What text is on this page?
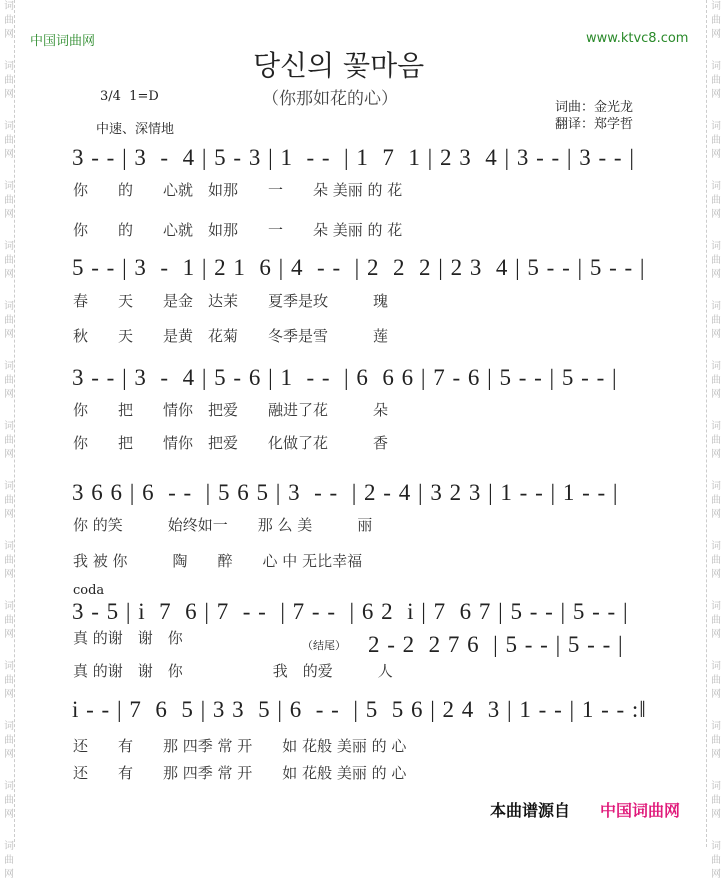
中国词曲网	www.ktvc8.com
당신의 꽃마음
（你那如花的心）
3/4  1=D
中速、深情地
词曲：金光龙
翻译：郑学哲
3 - - | 3  -  4 | 5 - 3 | 1  - -  | 1  7  1 | 2 3  4 | 3 - - | 3 - - |
你　　的　　心就　如那　　一　　朵 美丽 的 花
你　　的　　心就　如那　　一　　朵 美丽 的 花
5 - - | 3  -  1 | 2 1  6 | 4  - -  | 2  2  2 | 2 3  4 | 5 - - | 5 - - |
春　　天　　是金　达茉　　夏季是玫　　　瑰
秋　　天　　是黄　花菊　　冬季是雪　　　莲
3 - - | 3  -  4 | 5 - 6 | 1  - -  | 6  6 6 | 7 - 6 | 5 - - | 5 - - |
你　　把　　情你　把爱　　融进了花　　　朵
你　　把　　情你　把爱　　化做了花　　　香
3 6 6 | 6  - -  | 5 6 5 | 3  - -  | 2 - 4 | 3 2 3 | 1 - - | 1 - - |
你 的笑　　　始终如一　　那 么 美　　　丽
我 被 你　　　陶　　醉　　心 中 无比幸福
coda
3 - 5 | i  7  6 | 7  - -  | 7 - -  | 6 2  i | 7  6 7 | 5 - - | 5 - - |
真 的谢　谢　你	（结尾） 2 - 2  2 7 6  | 5 - - | 5 - - |
真 的谢　谢　你　　　　　　我　的爱　　　人
i - - | 7  6  5 | 3 3  5 | 6  - -  | 5  5 6 | 2 4  3 | 1 - - | 1 - - :‖
还　　有　　那 四季 常 开　　如 花般 美丽 的 心
还　　有　　那 四季 常 开　　如 花般 美丽 的 心
本曲谱源自 中国词曲网
词
曲
网
词
曲
网
词
曲
网
词
曲
网
词
曲
网
词
曲
网
词
曲
网
词
曲
网
词
曲
网
词
曲
网
词
曲
网
词
曲
网
词
曲
网
词
曲
网
词
曲
网
词
曲
网
词
曲
网
词
曲
网
词
曲
网
词
曲
网
词
曲
网
词
曲
网
词
曲
网
词
曲
网
词
曲
网
词
曲
网
词
曲
网
词
曲
网
词
曲
网
词
曲
网
